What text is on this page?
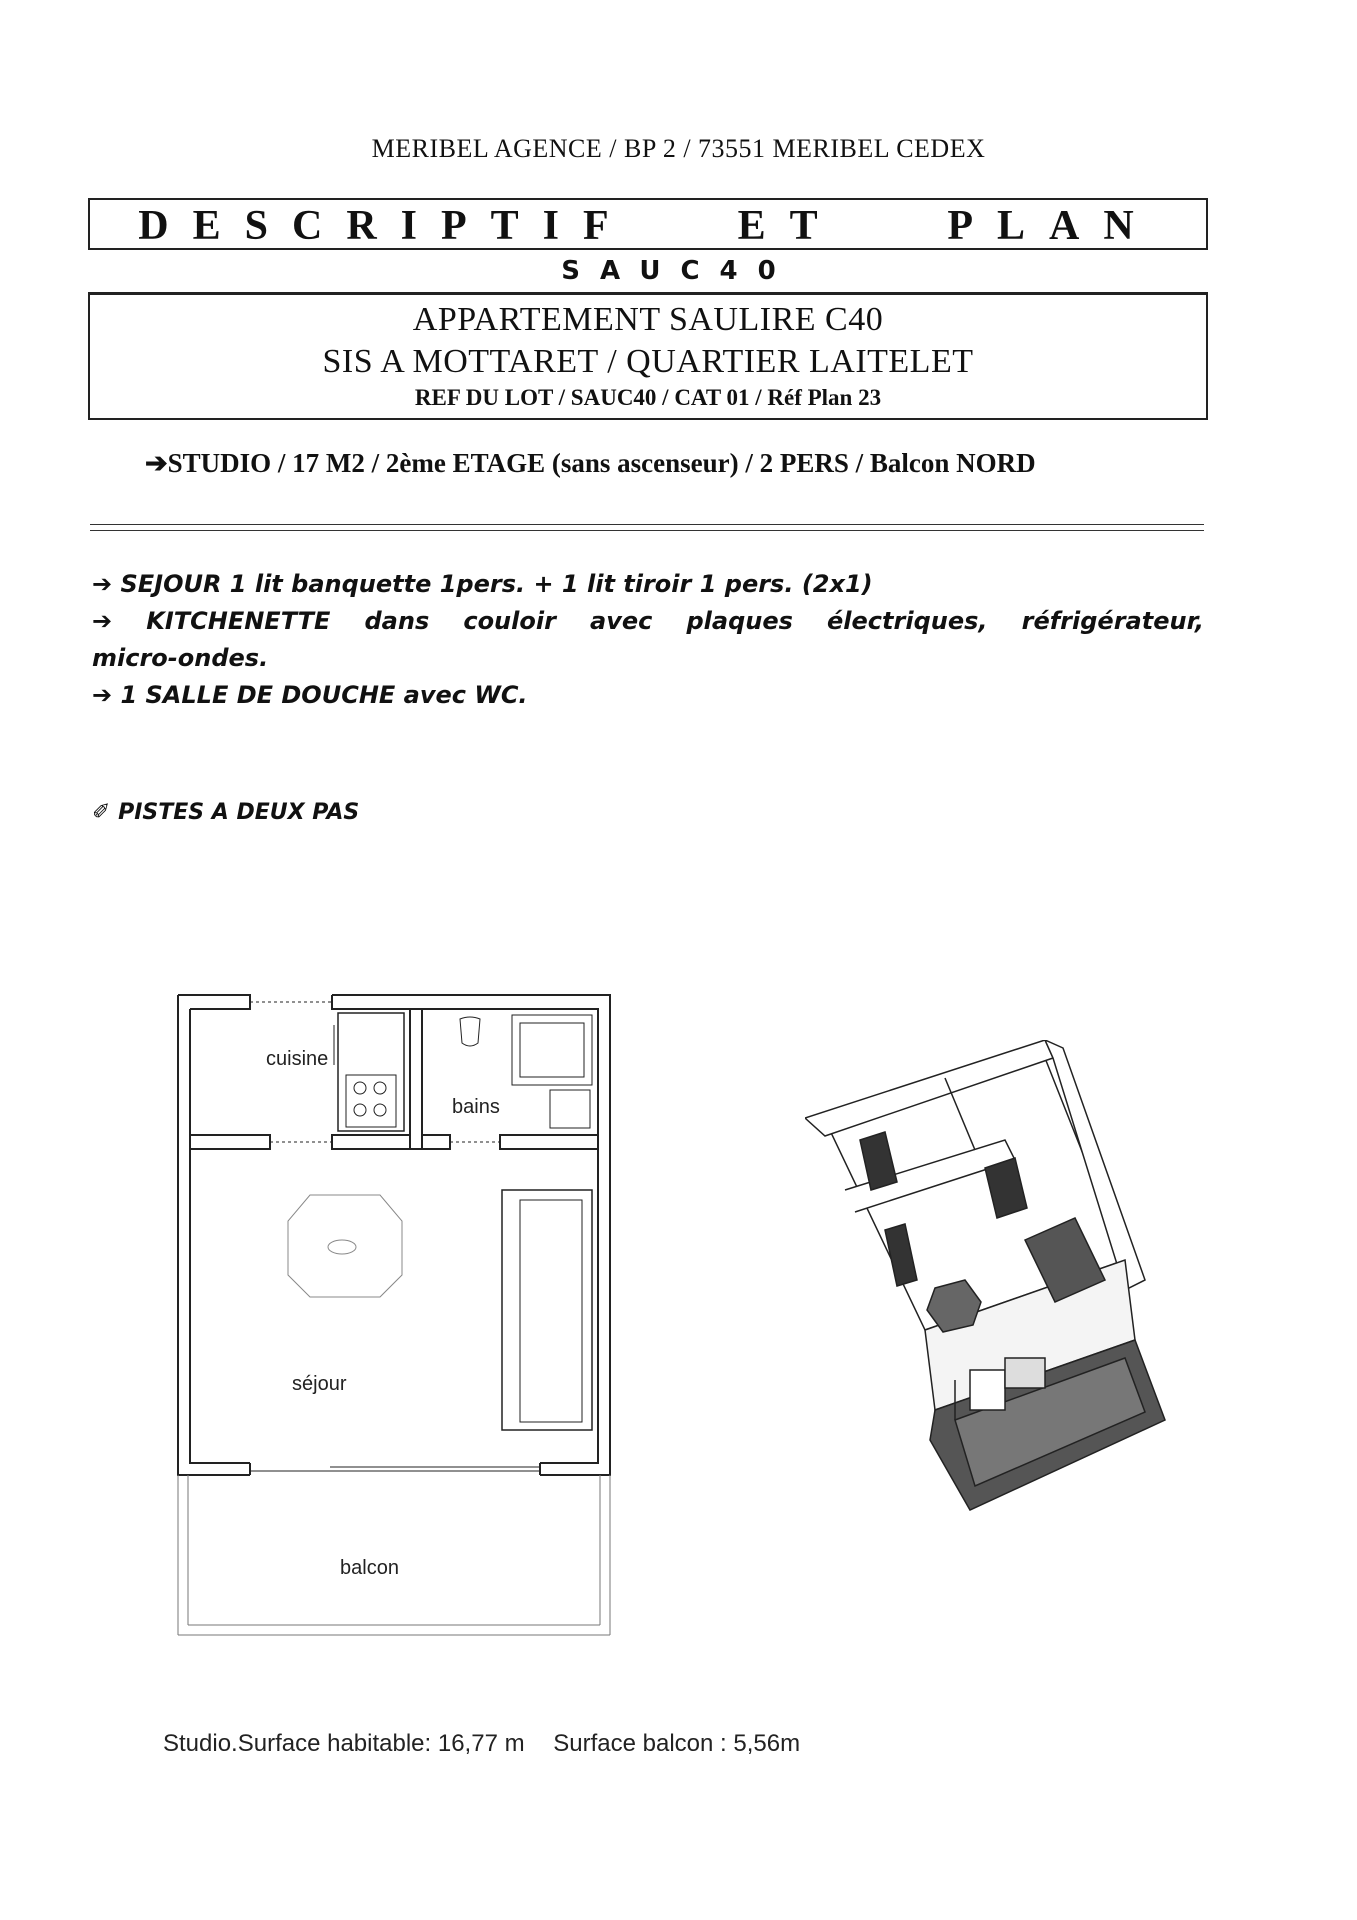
MERIBEL AGENCE / BP 2 / 73551 MERIBEL CEDEX
DESCRIPTIF ET PLAN
SAUC40
APPARTEMENT SAULIRE C40
SIS A MOTTARET / QUARTIER LAITELET
REF DU LOT / SAUC40 / CAT 01 / Réf Plan 23
➔STUDIO / 17 M2 / 2ème ETAGE (sans ascenseur) / 2 PERS / Balcon NORD

➔ SEJOUR 1 lit banquette 1pers. + 1 lit tiroir 1 pers. (2x1)

➔ KITCHENETTE dans couloir avec plaques électriques, réfrigérateur,

micro-ondes.

➔ 1 SALLE DE DOUCHE avec WC.

✐ PISTES A DEUX PAS
cuisine
bains
séjour
balcon
Studio.Surface habitable: 16,77 m Surface balcon : 5,56m
